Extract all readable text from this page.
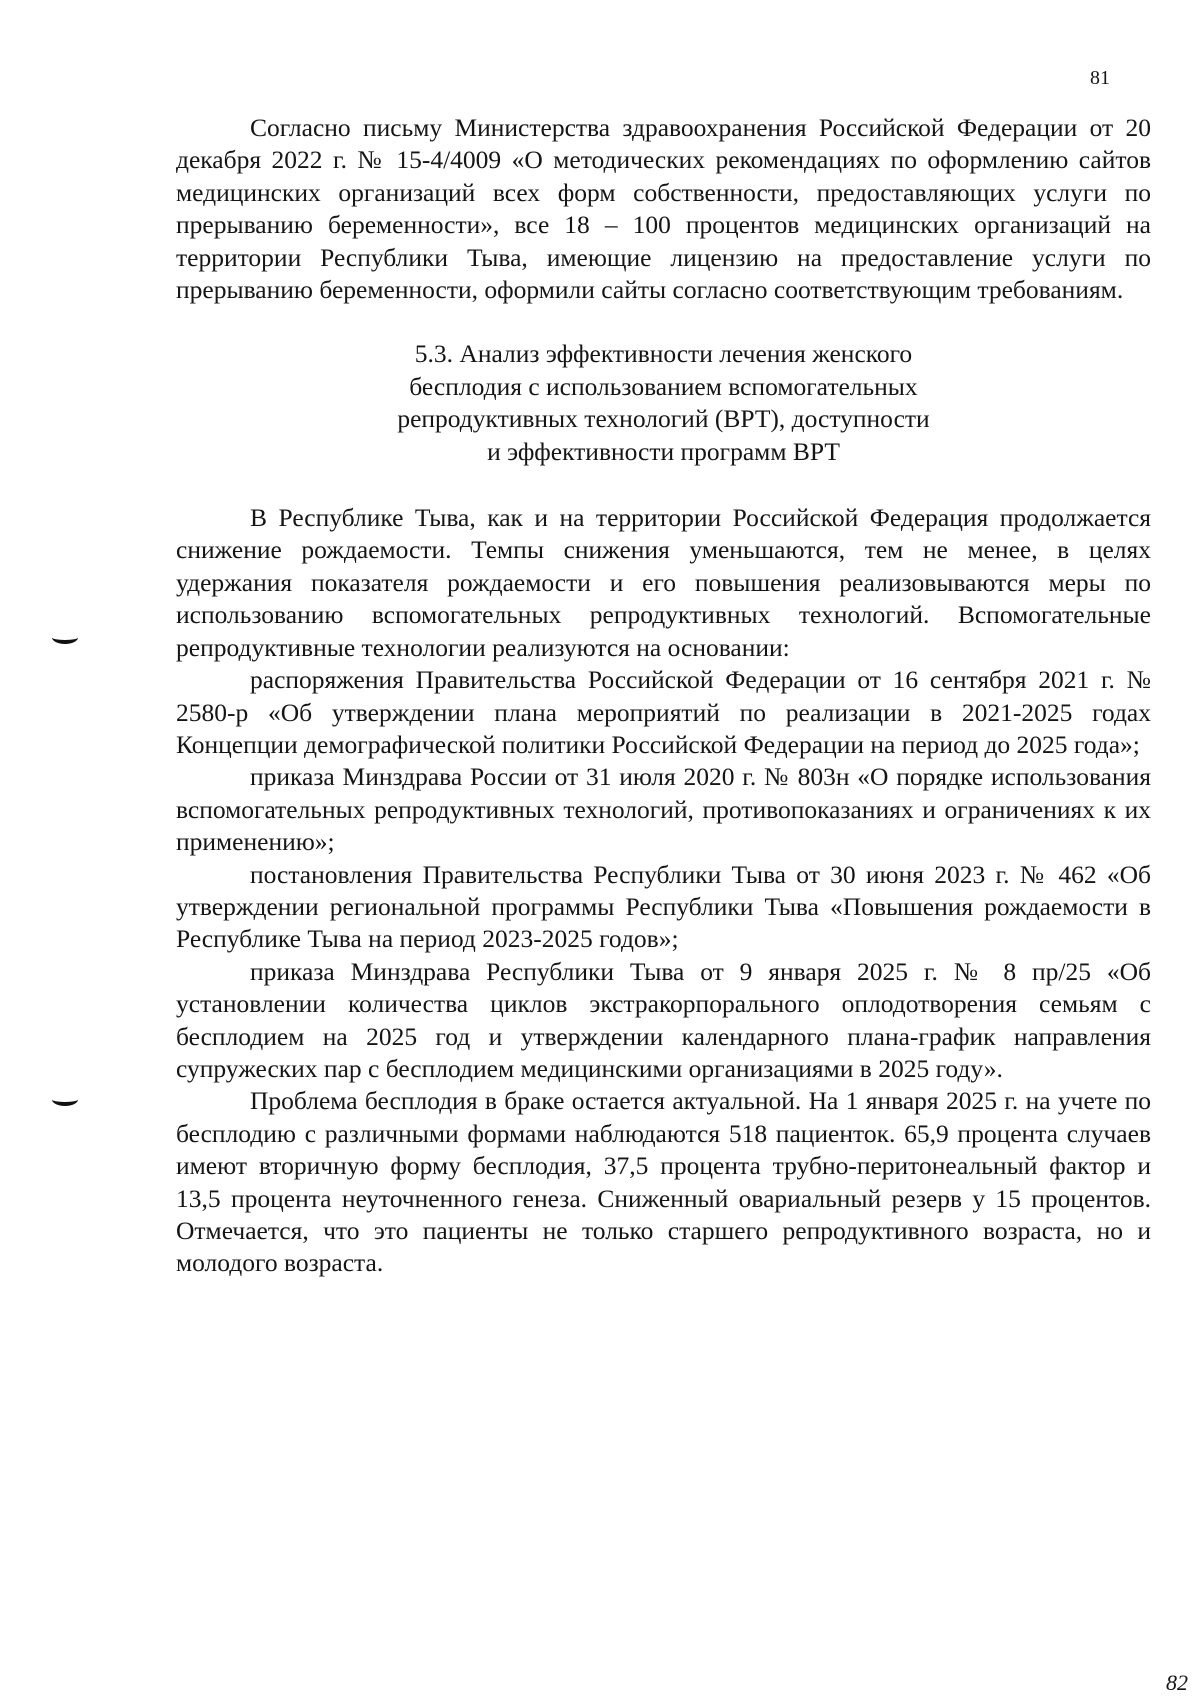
81

Согласно письму Министерства здравоохранения Российской Федерации от 20 декабря 2022 г. № 15-4/4009 «О методических рекомендациях по оформлению сайтов медицинских организаций всех форм собственности, предоставляющих услуги по прерыванию беременности», все 18 – 100 процентов медицинских организаций на территории Республики Тыва, имеющие лицензию на предоставление услуги по прерыванию беременности, оформили сайты согласно соответствующим требованиям.

5.3. Анализ эффективности лечения женского
бесплодия с использованием вспомогательных
репродуктивных технологий (ВРТ), доступности
и эффективности программ ВРТ

В Республике Тыва, как и на территории Российской Федерация продолжается снижение рождаемости. Темпы снижения уменьшаются, тем не менее, в целях удержания показателя рождаемости и его повышения реализовываются меры по использованию вспомогательных репродуктивных технологий. Вспомогательные репродуктивные технологии реализуются на основании:

распоряжения Правительства Российской Федерации от 16 сентября 2021 г. № 2580-р «Об утверждении плана мероприятий по реализации в 2021-2025 годах Концепции демографической политики Российской Федерации на период до 2025 года»;

приказа Минздрава России от 31 июля 2020 г. № 803н «О порядке использования вспомогательных репродуктивных технологий, противопоказаниях и ограничениях к их применению»;

постановления Правительства Республики Тыва от 30 июня 2023 г. № 462 «Об утверждении региональной программы Республики Тыва «Повышения рождаемости в Республике Тыва на период 2023-2025 годов»;

приказа Минздрава Республики Тыва от 9 января 2025 г. № 8 пр/25 «Об установлении количества циклов экстракорпорального оплодотворения семьям с бесплодием на 2025 год и утверждении календарного плана-график направления супружеских пар с бесплодием медицинскими организациями в 2025 году».

Проблема бесплодия в браке остается актуальной. На 1 января 2025 г. на учете по бесплодию с различными формами наблюдаются 518 пациенток. 65,9 процента случаев имеют вторичную форму бесплодия, 37,5 процента трубно-перитонеальный фактор и 13,5 процента неуточненного генеза. Сниженный овариальный резерв у 15 процентов. Отмечается, что это пациенты не только старшего репродуктивного возраста, но и молодого возраста.

82
